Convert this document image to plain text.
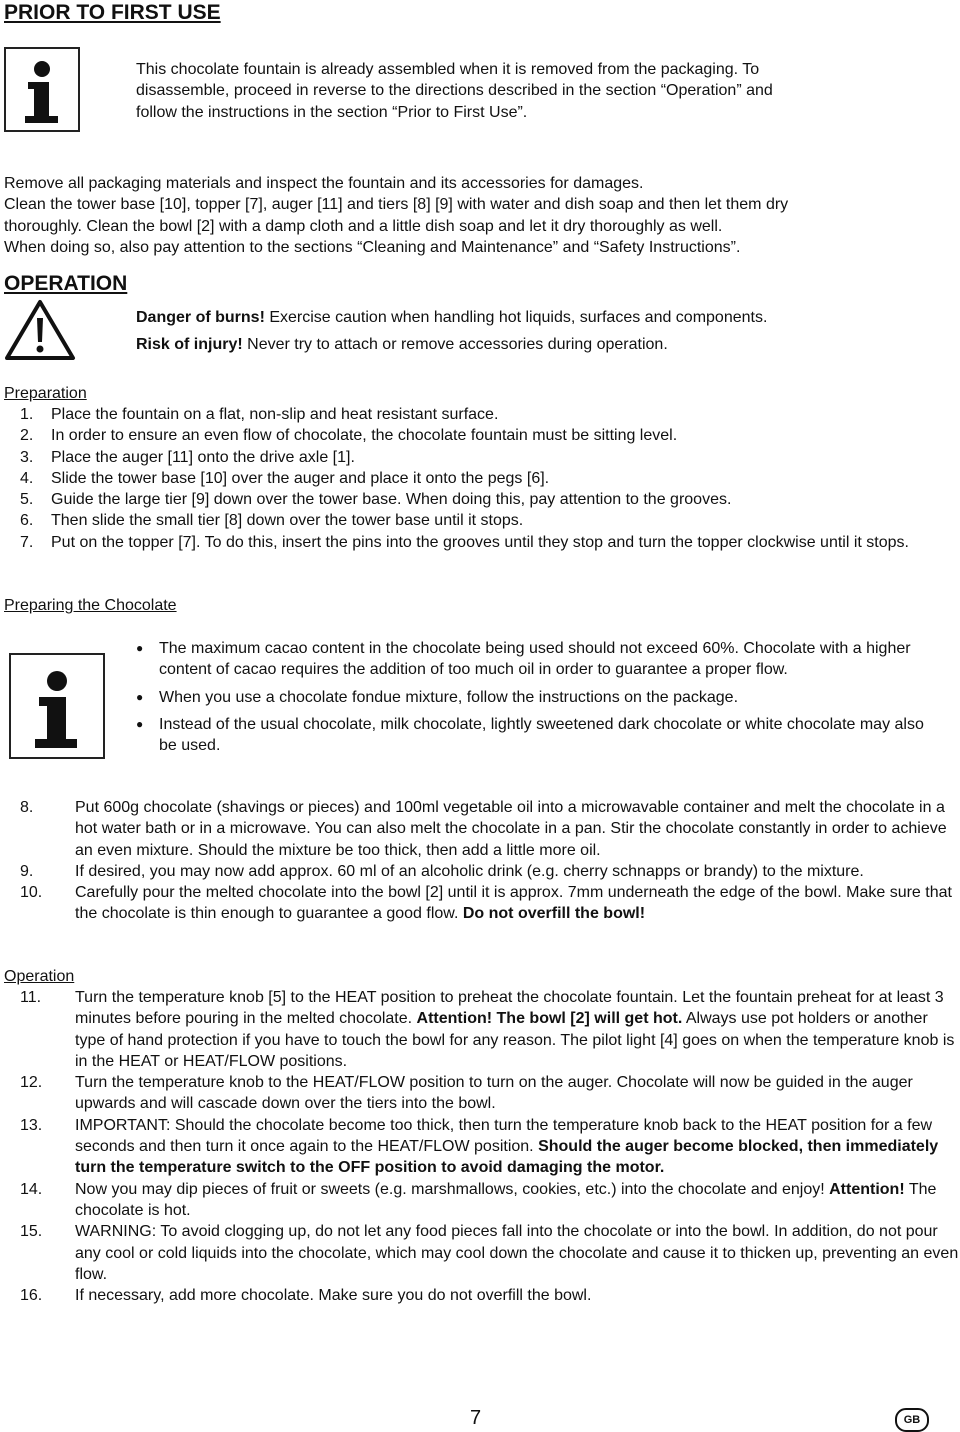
PRIOR TO FIRST USE
This chocolate fountain is already assembled when it is removed from the packaging. To
disassemble, proceed in reverse to the directions described in the section “Operation” and
follow the instructions in the section “Prior to First Use”.
Remove all packaging materials and inspect the fountain and its accessories for damages.
Clean the tower base [10], topper [7], auger [11] and tiers [8] [9] with water and dish soap and then let them dry
thoroughly. Clean the bowl [2] with a damp cloth and a little dish soap and let it dry thoroughly as well.
When doing so, also pay attention to the sections “Cleaning and Maintenance” and “Safety Instructions”.
OPERATION
Danger of burns! Exercise caution when handling hot liquids, surfaces and components.
Risk of injury! Never try to attach or remove accessories during operation.
Preparation
1.	Place the fountain on a flat, non-slip and heat resistant surface.
2.	In order to ensure an even flow of chocolate, the chocolate fountain must be sitting level.
3.	Place the auger [11] onto the drive axle [1].
4.	Slide the tower base [10] over the auger and place it onto the pegs [6].
5.	Guide the large tier [9] down over the tower base. When doing this, pay attention to the grooves.
6.	Then slide the small tier [8] down over the tower base until it stops.
7.	Put on the topper [7]. To do this, insert the pins into the grooves until they stop and turn the topper clockwise until it stops.
Preparing the Chocolate
● The maximum cacao content in the chocolate being used should not exceed 60%. Chocolate with a higher content of cacao requires the addition of too much oil in order to guarantee a proper flow.
● When you use a chocolate fondue mixture, follow the instructions on the package.
● Instead of the usual chocolate, milk chocolate, lightly sweetened dark chocolate or white chocolate may also be used.
8.	Put 600g chocolate (shavings or pieces) and 100ml vegetable oil into a microwavable container and melt the chocolate in a hot water bath or in a microwave. You can also melt the chocolate in a pan. Stir the chocolate constantly in order to achieve an even mixture. Should the mixture be too thick, then add a little more oil.
9.	If desired, you may now add approx. 60 ml of an alcoholic drink (e.g. cherry schnapps or brandy) to the mixture.
10.	Carefully pour the melted chocolate into the bowl [2] until it is approx. 7mm underneath the edge of the bowl. Make sure that the chocolate is thin enough to guarantee a good flow. Do not overfill the bowl!
Operation
11.	Turn the temperature knob [5] to the HEAT position to preheat the chocolate fountain. Let the fountain preheat for at least 3 minutes before pouring in the melted chocolate. Attention! The bowl [2] will get hot. Always use pot holders or another type of hand protection if you have to touch the bowl for any reason. The pilot light [4] goes on when the temperature knob is in the HEAT or HEAT/FLOW positions.
12.	Turn the temperature knob to the HEAT/FLOW position to turn on the auger. Chocolate will now be guided in the auger upwards and will cascade down over the tiers into the bowl.
13.	IMPORTANT: Should the chocolate become too thick, then turn the temperature knob back to the HEAT position for a few seconds and then turn it once again to the HEAT/FLOW position. Should the auger become blocked, then immediately turn the temperature switch to the OFF position to avoid damaging the motor.
14.	Now you may dip pieces of fruit or sweets (e.g. marshmallows, cookies, etc.) into the chocolate and enjoy! Attention! The chocolate is hot.
15.	WARNING: To avoid clogging up, do not let any food pieces fall into the chocolate or into the bowl. In addition, do not pour any cool or cold liquids into the chocolate, which may cool down the chocolate and cause it to thicken up, preventing an even flow.
16.	If necessary, add more chocolate. Make sure you do not overfill the bowl.
7	GB
